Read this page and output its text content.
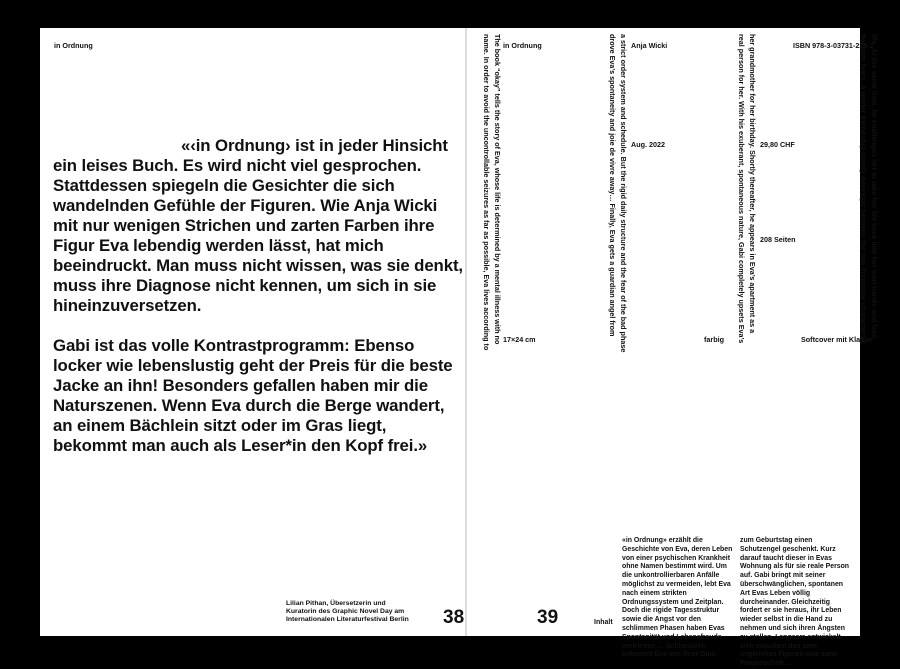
in Ordnung

«‹in Ordnung› ist in jeder Hinsicht ein leises Buch. Es wird nicht viel gesprochen. Stattdessen spiegeln die Gesichter die sich wandelnden Gefühle der Figuren. Wie Anja Wicki mit nur wenigen Strichen und zarten Farben ihre Figur Eva lebendig werden lässt, hat mich beeindruckt. Man muss nicht wissen, was sie denkt, muss ihre Diagnose nicht kennen, um sich in sie hineinzuversetzen.

Gabi ist das volle Kontrastprogramm: Ebenso locker wie lebenslustig geht der Preis für die beste Jacke an ihn! Besonders gefallen haben mir die Naturszenen. Wenn Eva durch die Berge wandert, an einem Bächlein sitzt oder im Gras liegt, bekommt man auch als Leser*in den Kopf frei.»

Lilian Pithan, Übersetzerin und
Kuratorin des Graphic Novel Day am
Internationalen Literaturfestival Berlin 38
in Ordnung	Anja Wicki	ISBN 978-3-03731-229-2
Aug. 2022	29,80 CHF
208 Seiten
17×24 cm	farbig	Softcover mit Klappe
The book “okay” tells the story of Eva, whose life is determined by a mental illness with no
name. In order to avoid the uncontrollable seizures as far as possible, Eva lives according to	a strict order system and schedule. But the rigid daily structure and the fear of the bad phase
drove Eva’s spontaneity and joie de vivre away… Finally, Eva gets a guardian angel from	her grandmother for her birthday. Shortly thereafter, he appears in Eva’s apartment as a
real person for her. With his exuberant, spontaneous nature, Gabi completely upsets Eva’s	life. At the same time, he challenges her to take her life back into her own hands and face
her own fears. A tender friendship slowly develops between the two dissimilar characters…
39	Inhalt
«in Ordnung» erzählt die Geschichte von Eva, deren Leben von einer psychischen Krankheit ohne Namen bestimmt wird. Um die unkontrollierbaren Anfälle möglichst zu vermeiden, lebt Eva nach einem strikten Ordnungssystem und Zeitplan. Doch die rigide Tagesstruktur sowie die Angst vor den schlimmen Phasen haben Evas Spontanität und Lebensfreude vertrieben … Schliesslich bekommt Eva von ihrer Oma
zum Geburtstag einen Schutzengel geschenkt. Kurz darauf taucht dieser in Evas Wohnung als für sie reale Person auf. Gabi bringt mit seiner überschwänglichen, spontanen Art Evas Leben völlig durcheinander. Gleichzeitig fordert er sie heraus, ihr Leben wieder selbst in die Hand zu nehmen und sich ihren Ängsten zu stellen. Langsam entwickelt sich zwischen den zwei ungleichen Figuren eine zarte Freundschaft …
